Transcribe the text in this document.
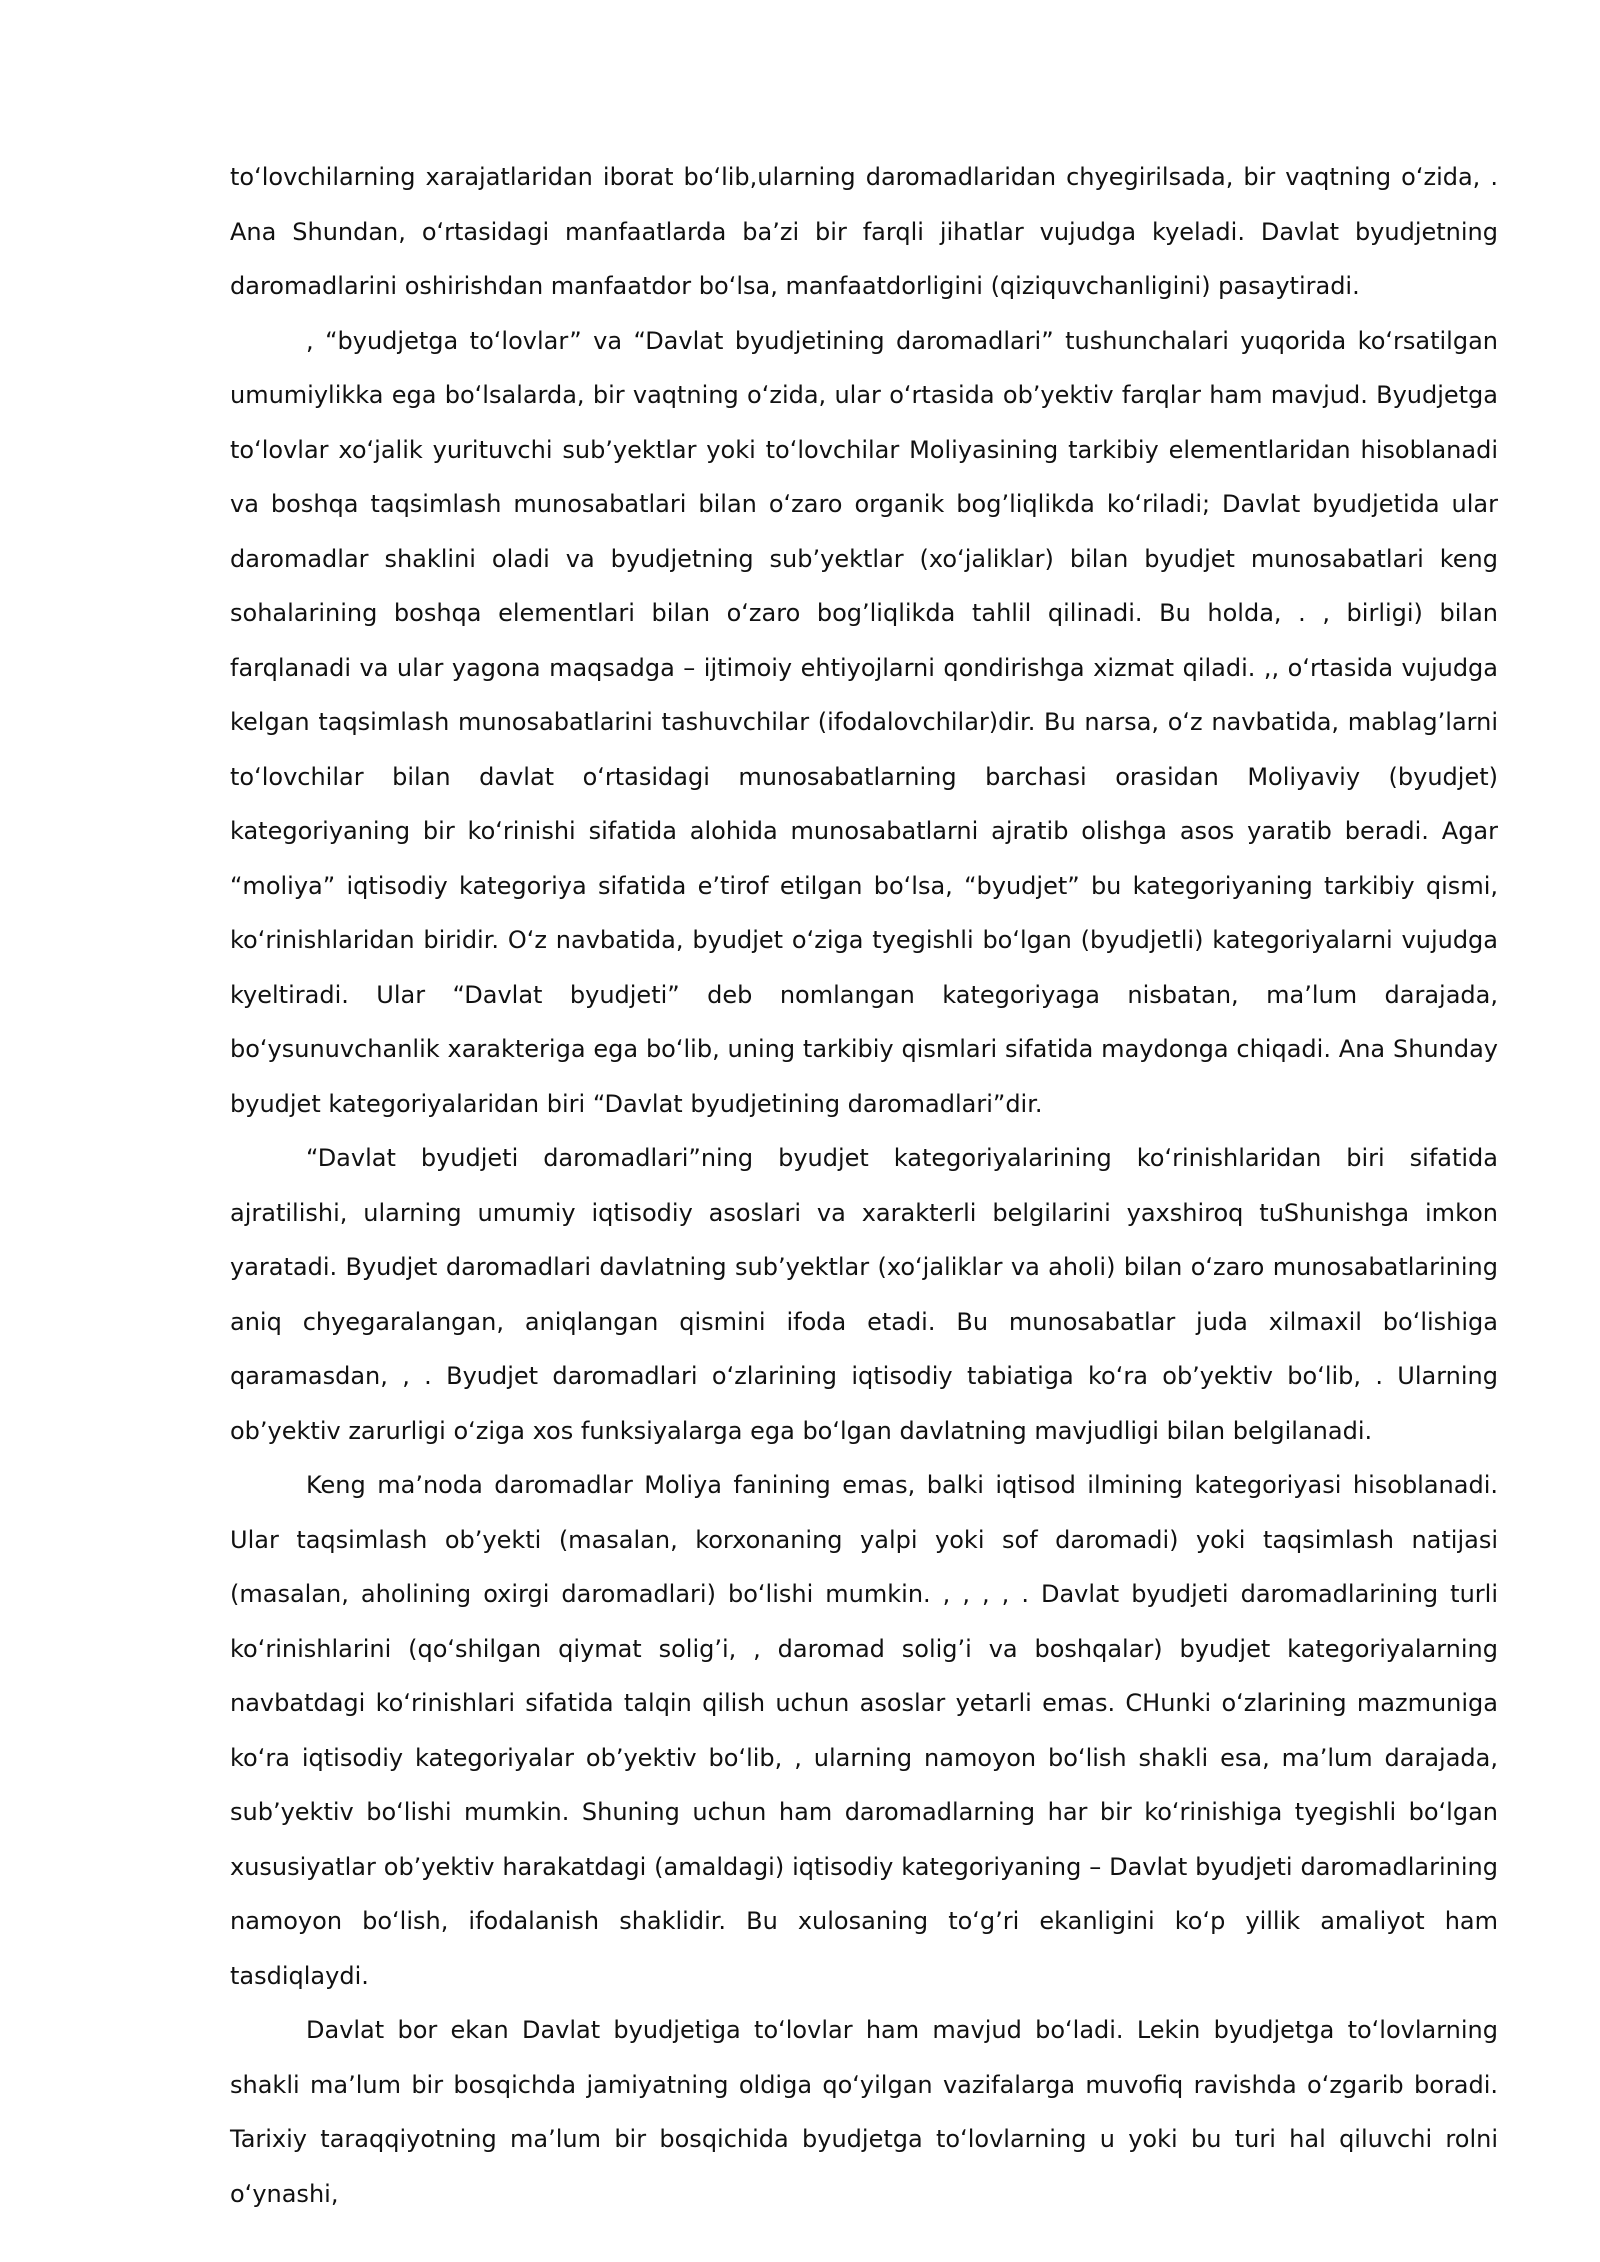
toʻlovchilarning xarajatlaridan iborat boʻlib,ularning daromadlaridan chyegirilsada, bir vaqtning oʻzida, . Ana Shundan, oʻrtasidagi manfaatlarda baʼzi bir farqli jihatlar vujudga kyeladi. Davlat byudjetning daromadlarini oshirishdan manfaatdor boʻlsa, manfaatdorligini (qiziquvchanligini) pasaytiradi.

, “byudjetga toʻlovlar” va “Davlat byudjetining daromadlari” tushunchalari yuqorida koʻrsatilgan umumiylikka ega boʻlsalarda, bir vaqtning oʻzida, ular oʻrtasida obʼyektiv farqlar ham mavjud. Byudjetga toʻlovlar xoʻjalik yurituvchi subʼyektlar yoki toʻlovchilar Moliyasining tarkibiy elementlaridan hisoblanadi va boshqa taqsimlash munosabatlari bilan oʻzaro organik bogʼliqlikda koʻriladi; Davlat byudjetida ular daromadlar shaklini oladi va byudjetning subʼyektlar (xoʻjaliklar) bilan byudjet munosabatlari keng sohalarining boshqa elementlari bilan oʻzaro bogʼliqlikda tahlil qilinadi. Bu holda, . , birligi) bilan farqlanadi va ular yagona maqsadga – ijtimoiy ehtiyojlarni qondirishga xizmat qiladi. ,, oʻrtasida vujudga kelgan taqsimlash munosabatlarini tashuvchilar (ifodalovchilar)dir. Bu narsa, oʻz navbatida, mablagʼlarni toʻlovchilar bilan davlat oʻrtasidagi munosabatlarning barchasi orasidan Moliyaviy (byudjet) kategoriyaning bir koʻrinishi sifatida alohida munosabatlarni ajratib olishga asos yaratib beradi. Agar “moliya” iqtisodiy kategoriya sifatida eʼtirof etilgan boʻlsa, “byudjet” bu kategoriyaning tarkibiy qismi, koʻrinishlaridan biridir. Oʻz navbatida, byudjet oʻziga tyegishli boʻlgan (byudjetli) kategoriyalarni vujudga kyeltiradi. Ular “Davlat byudjeti” deb nomlangan kategoriyaga nisbatan, maʼlum darajada, boʻysunuvchanlik xarakteriga ega boʻlib, uning tarkibiy qismlari sifatida maydonga chiqadi. Ana Shunday byudjet kategoriyalaridan biri “Davlat byudjetining daromadlari”dir.

“Davlat byudjeti daromadlari”ning byudjet kategoriyalarining koʻrinishlaridan biri sifatida ajratilishi, ularning umumiy iqtisodiy asoslari va xarakterli belgilarini yaxshiroq tuShunishga imkon yaratadi. Byudjet daromadlari davlatning subʼyektlar (xoʻjaliklar va aholi) bilan oʻzaro munosabatlarining aniq chyegaralangan, aniqlangan qismini ifoda etadi. Bu munosabatlar juda xilmaxil boʻlishiga qaramasdan, , . Byudjet daromadlari oʻzlarining iqtisodiy tabiatiga koʻra obʼyektiv boʻlib, . Ularning obʼyektiv zarurligi oʻziga xos funksiyalarga ega boʻlgan davlatning mavjudligi bilan belgilanadi.

Keng maʼnoda daromadlar Moliya fanining emas, balki iqtisod ilmining kategoriyasi hisoblanadi. Ular taqsimlash obʼyekti (masalan, korxonaning yalpi yoki sof daromadi) yoki taqsimlash natijasi (masalan, aholining oxirgi daromadlari) boʻlishi mumkin. , , , , . Davlat byudjeti daromadlarining turli koʻrinishlarini (qoʻshilgan qiymat soligʼi, , daromad soligʼi va boshqalar) byudjet kategoriyalarning navbatdagi koʻrinishlari sifatida talqin qilish uchun asoslar yetarli emas. CHunki oʻzlarining mazmuniga koʻra iqtisodiy kategoriyalar obʼyektiv boʻlib, , ularning namoyon boʻlish shakli esa, maʼlum darajada, subʼyektiv boʻlishi mumkin. Shuning uchun ham daromadlarning har bir koʻrinishiga tyegishli boʻlgan xususiyatlar obʼyektiv harakatdagi (amaldagi) iqtisodiy kategoriyaning – Davlat byudjeti daromadlarining namoyon boʻlish, ifodalanish shaklidir. Bu xulosaning toʻgʼri ekanligini koʻp yillik amaliyot ham tasdiqlaydi.

Davlat bor ekan Davlat byudjetiga toʻlovlar ham mavjud boʻladi. Lekin byudjetga toʻlovlarning shakli maʼlum bir bosqichda jamiyatning oldiga qoʻyilgan vazifalarga muvofiq ravishda oʻzgarib boradi. Tarixiy taraqqiyotning maʼlum bir bosqichida byudjetga toʻlovlarning u yoki bu turi hal qiluvchi rolni oʻynashi,
